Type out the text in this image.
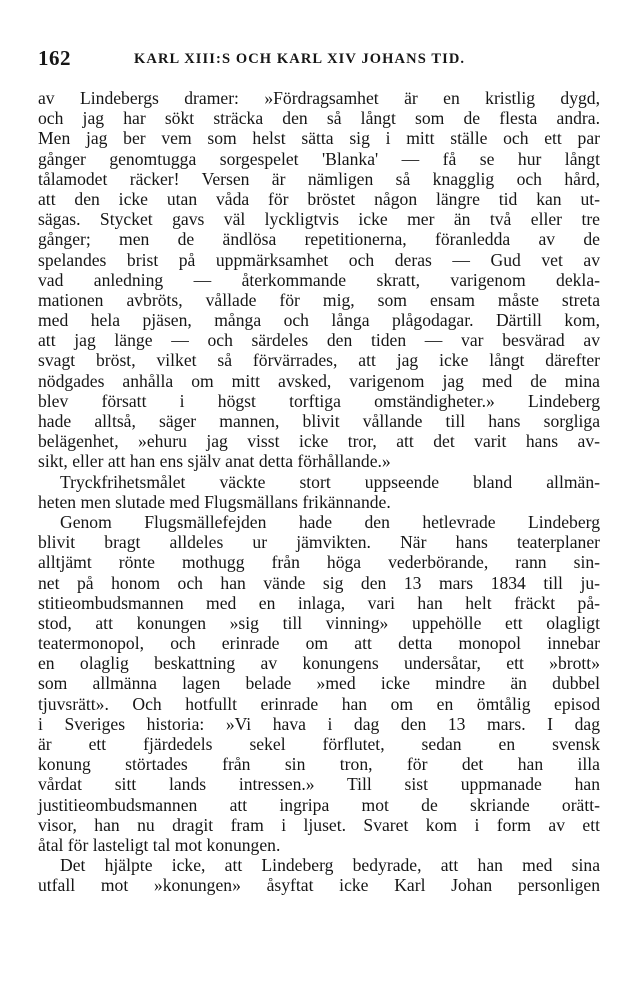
162	KARL XIII:S OCH KARL XIV JOHANS TID.
av Lindebergs dramer: »Fördragsamhet är en kristlig dygd,
och jag har sökt sträcka den så långt som de flesta andra.
Men jag ber vem som helst sätta sig i mitt ställe och ett par
gånger genomtugga sorgespelet 'Blanka' — få se hur långt
tålamodet räcker! Versen är nämligen så knagglig och hård,
att den icke utan våda för bröstet någon längre tid kan ut-
sägas. Stycket gavs väl lyckligtvis icke mer än två eller tre
gånger; men de ändlösa repetitionerna, föranledda av de
spelandes brist på uppmärksamhet och deras — Gud vet av
vad anledning — återkommande skratt, varigenom dekla-
mationen avbröts, vållade för mig, som ensam måste streta
med hela pjäsen, många och långa plågodagar. Därtill kom,
att jag länge — och särdeles den tiden — var besvärad av
svagt bröst, vilket så förvärrades, att jag icke långt därefter
nödgades anhålla om mitt avsked, varigenom jag med de mina
blev försatt i högst torftiga omständigheter.» Lindeberg
hade alltså, säger mannen, blivit vållande till hans sorgliga
belägenhet, »ehuru jag visst icke tror, att det varit hans av-
sikt, eller att han ens själv anat detta förhållande.»
Tryckfrihetsmålet väckte stort uppseende bland allmän-
heten men slutade med Flugsmällans frikännande.
Genom Flugsmällefejden hade den hetlevrade Lindeberg
blivit bragt alldeles ur jämvikten. När hans teaterplaner
alltjämt rönte mothugg från höga vederbörande, rann sin-
net på honom och han vände sig den 13 mars 1834 till ju-
stitieombudsmannen med en inlaga, vari han helt fräckt på-
stod, att konungen »sig till vinning» uppehölle ett olagligt
teatermonopol, och erinrade om att detta monopol innebar
en olaglig beskattning av konungens undersåtar, ett »brott»
som allmänna lagen belade »med icke mindre än dubbel
tjuvsrätt». Och hotfullt erinrade han om en ömtålig episod
i Sveriges historia: »Vi hava i dag den 13 mars. I dag
är ett fjärdedels sekel förflutet, sedan en svensk
konung störtades från sin tron, för det han illa
vårdat sitt lands intressen.» Till sist uppmanade han
justitieombudsmannen att ingripa mot de skriande orätt-
visor, han nu dragit fram i ljuset. Svaret kom i form av ett
åtal för lasteligt tal mot konungen.
Det hjälpte icke, att Lindeberg bedyrade, att han med sina
utfall mot »konungen» åsyftat icke Karl Johan personligen
